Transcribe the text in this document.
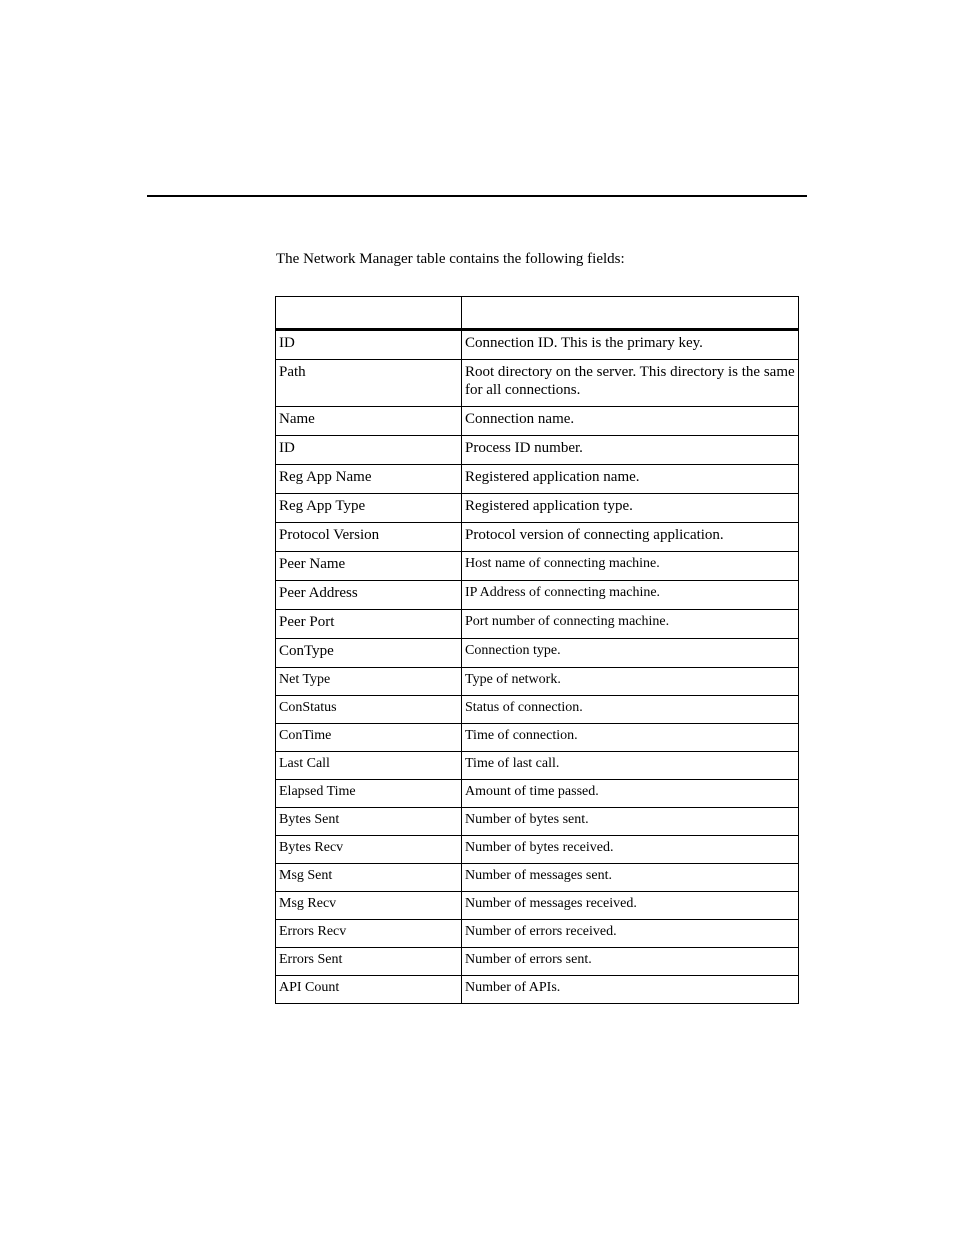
The Network Manager table contains the following fields:

ID	Connection ID. This is the primary key.
Path	Root directory on the server. This directory is the same for all connections.
Name	Connection name.
ID	Process ID number.
Reg App Name	Registered application name.
Reg App Type	Registered application type.
Protocol Version	Protocol version of connecting application.
Peer Name	Host name of connecting machine.
Peer Address	IP Address of connecting machine.
Peer Port	Port number of connecting machine.
ConType	Connection type.
Net Type	Type of network.
ConStatus	Status of connection.
ConTime	Time of connection.
Last Call	Time of last call.
Elapsed Time	Amount of time passed.
Bytes Sent	Number of bytes sent.
Bytes Recv	Number of bytes received.
Msg Sent	Number of messages sent.
Msg Recv	Number of messages received.
Errors Recv	Number of errors received.
Errors Sent	Number of errors sent.
API Count	Number of APIs.
